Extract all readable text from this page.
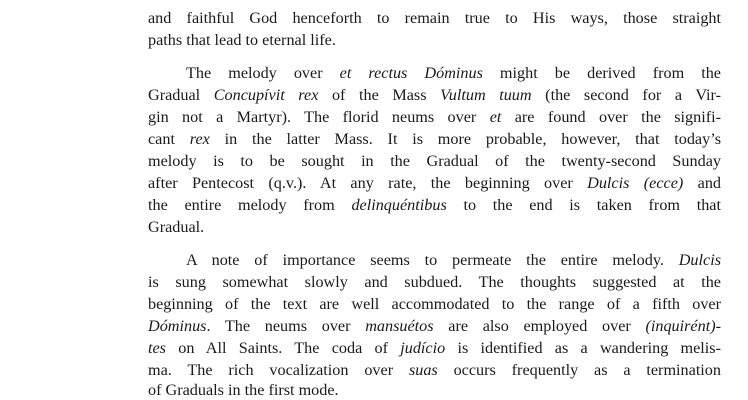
and faithful God henceforth to remain true to His ways, those straight

paths that lead to eternal life.

The melody over et rectus Dóminus might be derived from the

Gradual Concupívit rex of the Mass Vultum tuum (the second for a Vir-

gin not a Martyr). The florid neums over et are found over the signifi-

cant rex in the latter Mass. It is more probable, however, that today’s

melody is to be sought in the Gradual of the twenty-second Sunday

after Pentecost (q.v.). At any rate, the beginning over Dulcis (ecce) and

the entire melody from delinquéntibus to the end is taken from that

Gradual.

A note of importance seems to permeate the entire melody. Dulcis

is sung somewhat slowly and subdued. The thoughts suggested at the

beginning of the text are well accommodated to the range of a fifth over

Dóminus. The neums over mansuétos are also employed over (inquirént)-

tes on All Saints. The coda of judício is identified as a wandering melis-

ma. The rich vocalization over suas occurs frequently as a termination

of Graduals in the first mode.
